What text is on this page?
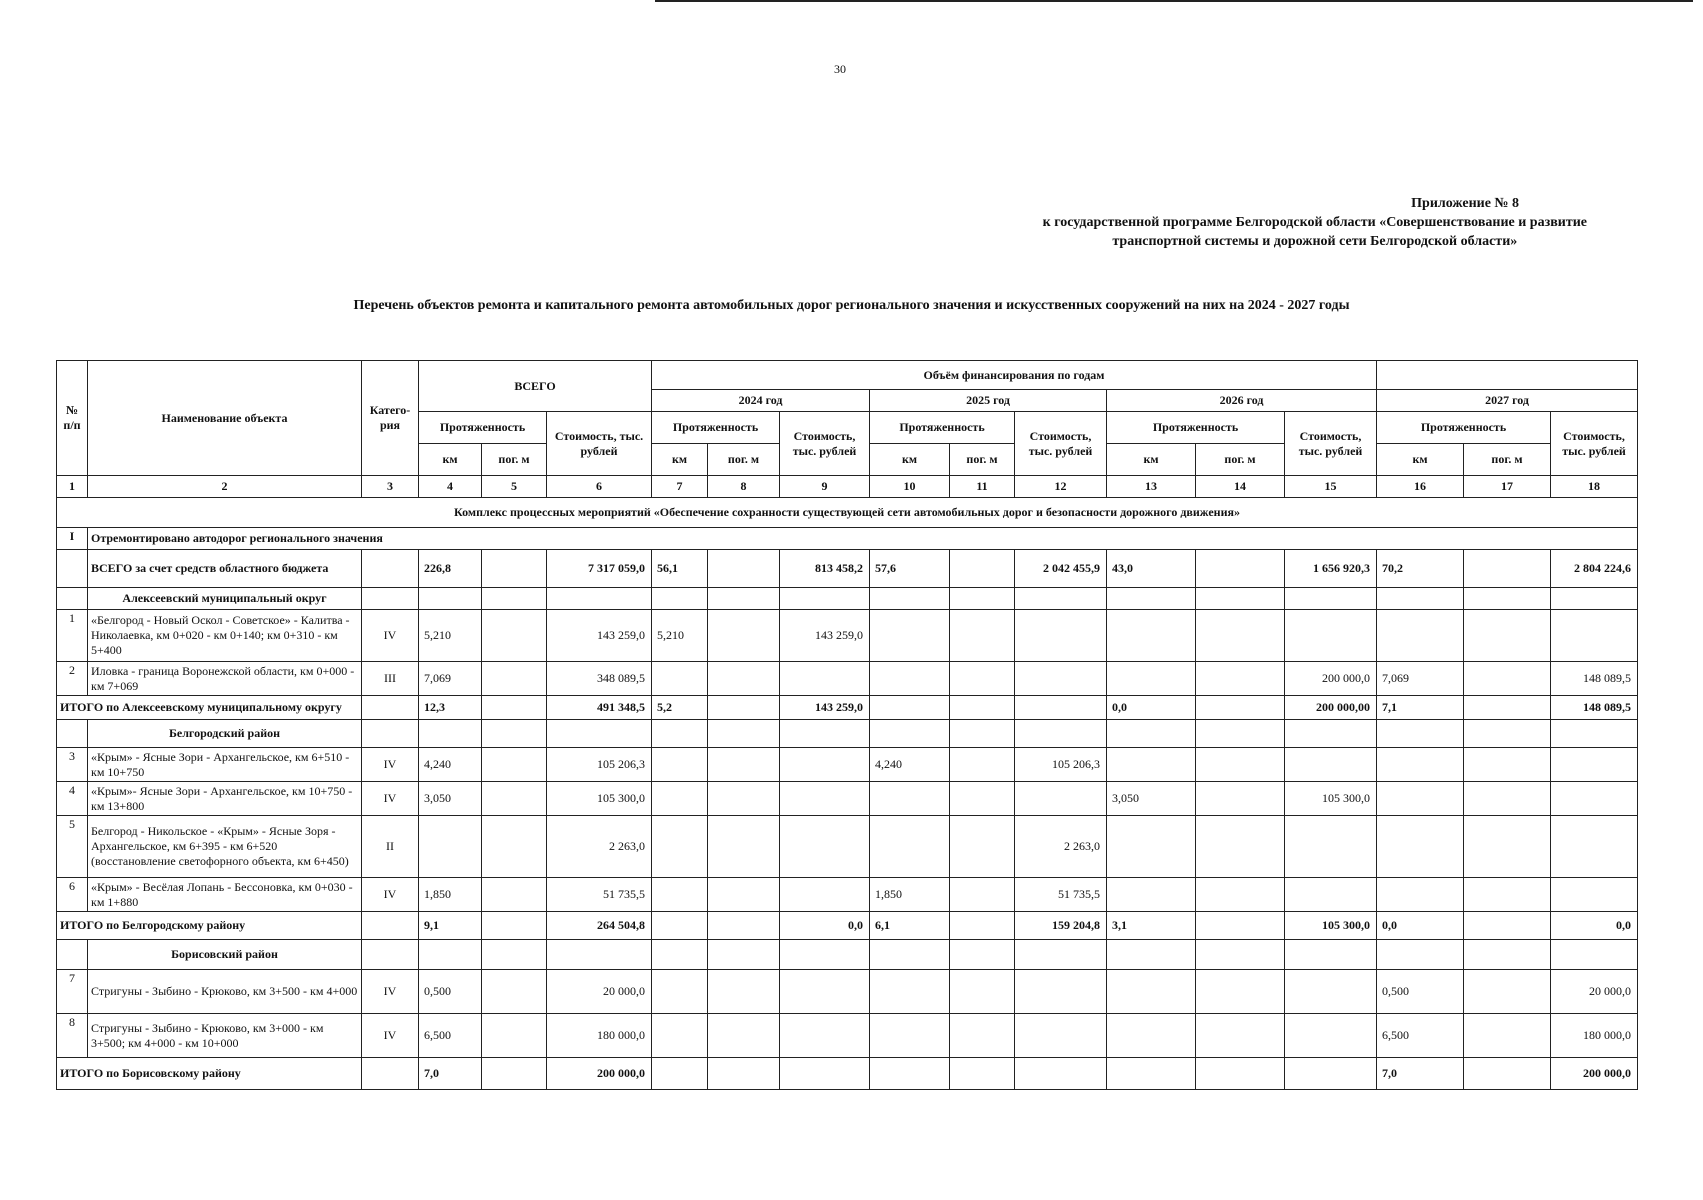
30
Приложение № 8
к государственной программе Белгородской области «Совершенствование и развитие
транспортной системы и дорожной сети Белгородской области»
Перечень объектов ремонта и капитального ремонта автомобильных дорог регионального значения и искусственных сооружений на них на 2024 - 2027 годы
№ п/п	Наименование объекта	Катего-рия	ВСЕГО			Объём финансирования по годам											
						2024 год			2025 год			2026 год			2027 год		
			Протяженность		Стоимость, тыс. рублей	Протяженность		Стоимость, тыс. рублей	Протяженность		Стоимость, тыс. рублей	Протяженность		Стоимость, тыс. рублей	Протяженность		Стоимость, тыс. рублей
			км	пог. м		км	пог. м		км	пог. м		км	пог. м		км	пог. м	
1	2	3	4	5	6	7	8	9	10	11	12	13	14	15	16	17	18
Комплекс процессных мероприятий «Обеспечение сохранности существующей сети автомобильных дорог и безопасности дорожного движения»																	
I	Отремонтировано автодорог регионального значения																
	ВСЕГО за счет средств областного бюджета		226,8		7 317 059,0	56,1		813 458,2	57,6		2 042 455,9	43,0		1 656 920,3	70,2		2 804 224,6
	Алексеевский муниципальный округ																
1	«Белгород - Новый Оскол - Советское» - Калитва - Николаевка, км 0+020 - км 0+140; км 0+310 - км 5+400	IV	5,210		143 259,0	5,210		143 259,0									
2	Иловка - граница Воронежской области, км 0+000 - км 7+069	III	7,069		348 089,5									200 000,0	7,069		148 089,5
ИТОГО по Алексеевскому муниципальному округу			12,3		491 348,5	5,2		143 259,0				0,0		200 000,00	7,1		148 089,5
	Белгородский район																
3	«Крым» - Ясные Зори - Архангельское, км 6+510 - км 10+750	IV	4,240		105 206,3				4,240		105 206,3						
4	«Крым»- Ясные Зори - Архангельское, км 10+750 - км 13+800	IV	3,050		105 300,0							3,050		105 300,0			
5	Белгород - Никольское - «Крым» - Ясные Зоря - Архангельское, км 6+395 - км 6+520 (восстановление светофорного объекта, км 6+450)	II			2 263,0						2 263,0						
6	«Крым» - Весёлая Лопань - Бессоновка, км 0+030 - км 1+880	IV	1,850		51 735,5				1,850		51 735,5						
ИТОГО по Белгородскому району			9,1		264 504,8			0,0	6,1		159 204,8	3,1		105 300,0	0,0		0,0
	Борисовский район																
7	Стригуны - Зыбино - Крюково, км 3+500 - км 4+000	IV	0,500		20 000,0										0,500		20 000,0
8	Стригуны - Зыбино - Крюково, км 3+000 - км 3+500; км 4+000 - км 10+000	IV	6,500		180 000,0										6,500		180 000,0
ИТОГО по Борисовскому району			7,0		200 000,0										7,0		200 000,0
